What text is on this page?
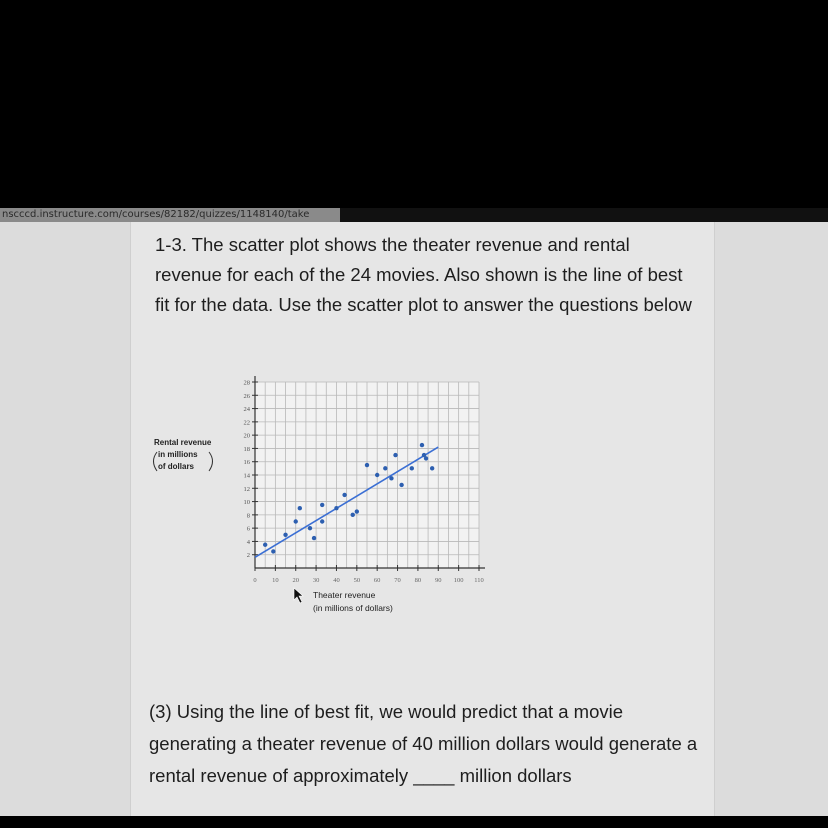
nscccd.instructure.com/courses/82182/quizzes/1148140/take
1-3. The scatter plot shows the theater revenue and rental revenue for each of the 24 movies. Also shown is the line of best fit for the data. Use the scatter plot to answer the questions below
2
4
6
8
10
12
14
16
18
20
22
24
26
28
0 10 20 30 40 50 60 70 80 90 100 110
Rental revenue
in millions
of dollars
Theater revenue
(in millions of dollars)
(3) Using the line of best fit, we would predict that a movie generating a theater revenue of 40 million dollars would generate a rental revenue of approximately ____ million dollars
